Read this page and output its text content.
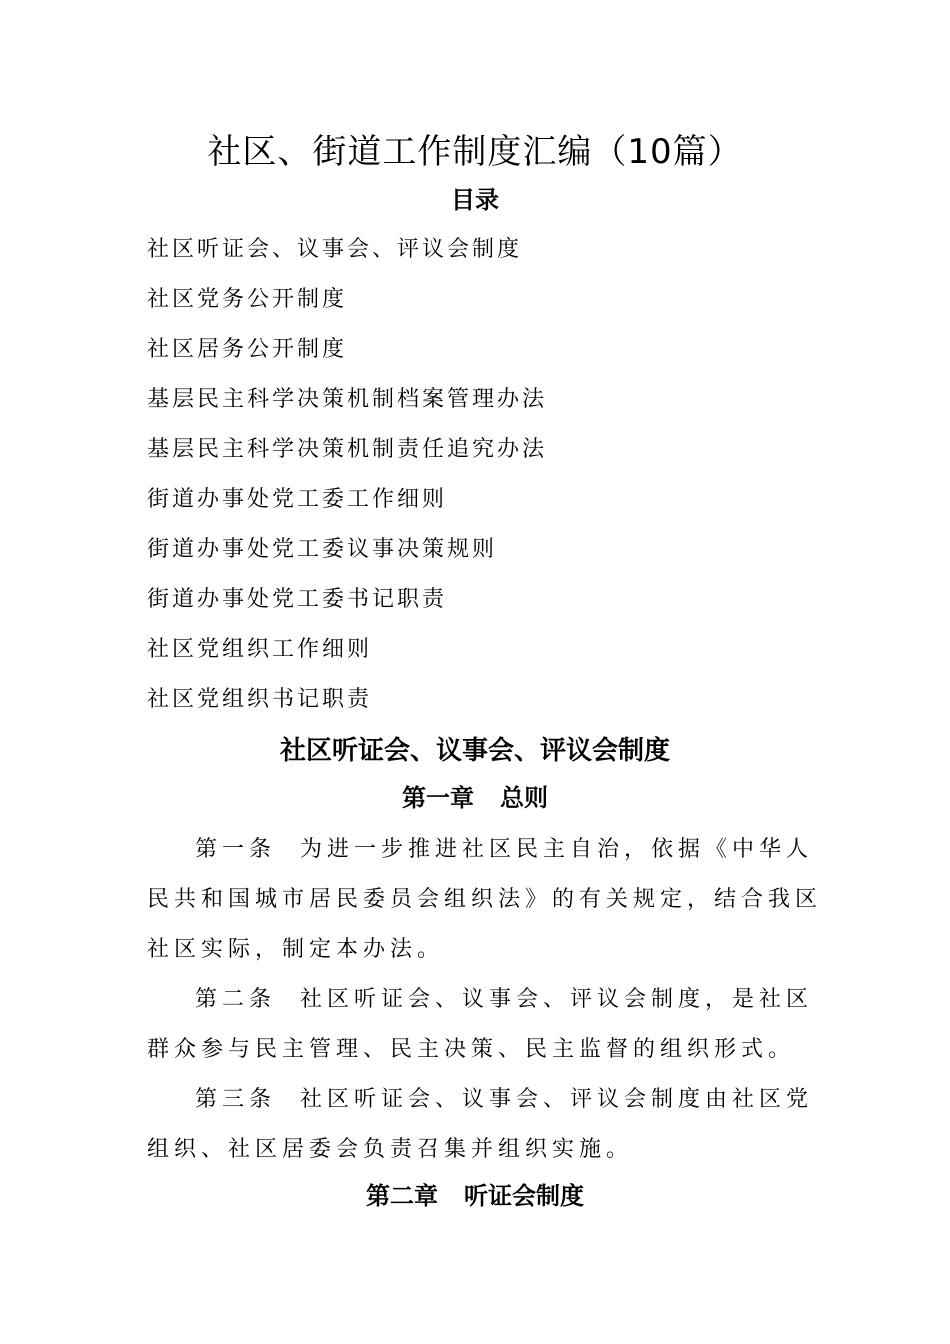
社区、街道工作制度汇编（10篇）
目录
社区听证会、议事会、评议会制度
社区党务公开制度
社区居务公开制度
基层民主科学决策机制档案管理办法
基层民主科学决策机制责任追究办法
街道办事处党工委工作细则
街道办事处党工委议事决策规则
街道办事处党工委书记职责
社区党组织工作细则
社区党组织书记职责
社区听证会、议事会、评议会制度
第一章 总则
第一条 为进一步推进社区民主自治，依据《中华人
民共和国城市居民委员会组织法》的有关规定，结合我区
社区实际，制定本办法。
第二条 社区听证会、议事会、评议会制度，是社区
群众参与民主管理、民主决策、民主监督的组织形式。
第三条 社区听证会、议事会、评议会制度由社区党
组织、社区居委会负责召集并组织实施。
第二章 听证会制度
